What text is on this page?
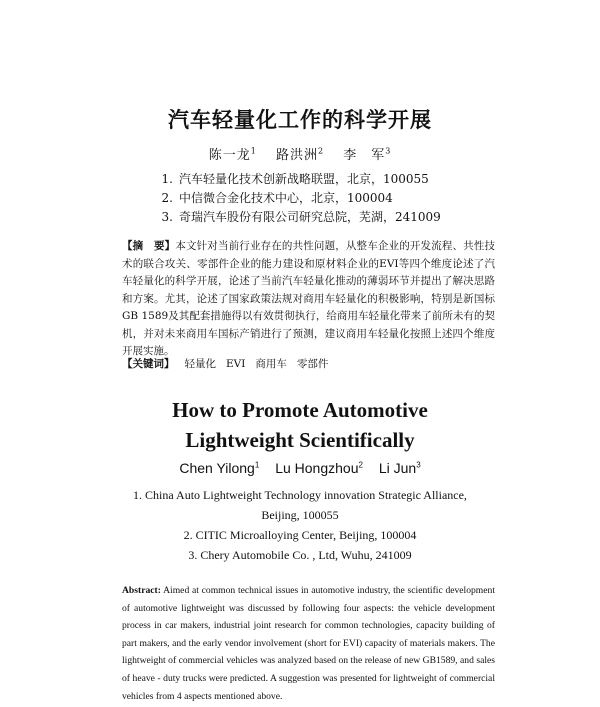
汽车轻量化工作的科学开展
陈一龙$^1$ 路洪洲$^2$ 李　军$^3$
1. 汽车轻量化技术创新战略联盟，北京，100055
2. 中信微合金化技术中心，北京，100004
3. 奇瑞汽车股份有限公司研究总院，芜湖，241009
【摘　要】本文针对当前行业存在的共性问题，从整车企业的开发流程、共性技术的联合攻关、零部件企业的能力建设和原材料企业的EVI等四个维度论述了汽车轻量化的科学开展，论述了当前汽车轻量化推动的薄弱环节并提出了解决思路和方案。尤其，论述了国家政策法规对商用车轻量化的积极影响，特别是新国标GB 1589及其配套措施得以有效贯彻执行，给商用车轻量化带来了前所未有的契机，并对未来商用车国标产销进行了预测，建议商用车轻量化按照上述四个维度开展实施。
【关键词】 轻量化 EVI 商用车 零部件
How to Promote Automotive
Lightweight Scientifically
Chen Yilong$^1$ Lu Hongzhou$^2$ Li Jun$^3$
1. China Auto Lightweight Technology innovation Strategic Alliance,
Beijing, 100055
2. CITIC Microalloying Center, Beijing, 100004
3. Chery Automobile Co. , Ltd, Wuhu, 241009
Abstract: Aimed at common technical issues in automotive industry, the scientific development of automotive lightweight was discussed by following four aspects: the vehicle development process in car makers, industrial joint research for common technologies, capacity building of part makers, and the early vendor involvement (short for EVI) capacity of materials makers. The lightweight of commercial vehicles was analyzed based on the release of new GB1589, and sales of heave - duty trucks were predicted. A suggestion was presented for lightweight of commercial vehicles from 4 aspects mentioned above.
